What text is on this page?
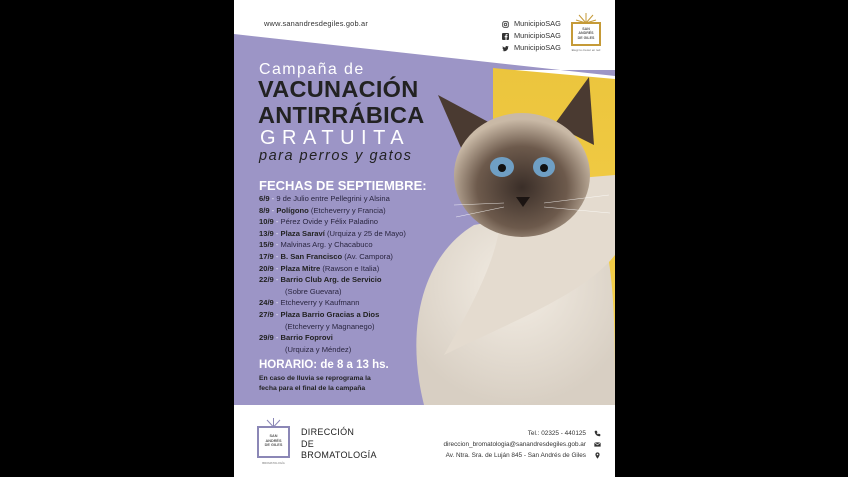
www.sanandresdegiles.gob.ar	MunicipioSAG
MunicipioSAG
MunicipioSAG
SAN
ANDRÉS
DE GILES
Elegí tu crecer en red
Campaña de
VACUNACIÓN
ANTIRRÁBICA
GRATUITA
para perros y gatos
FECHAS DE SEPTIEMBRE:
6/9 - 9 de Julio entre Pellegrini y Alsina
8/9 - Polígono (Etcheverry y Francia)
10/9 - Pérez Ovide y Félix Paladino
13/9 - Plaza Saraví (Urquiza y 25 de Mayo)
15/9 - Malvinas Arg. y Chacabuco
17/9 - B. San Francisco (Av. Campora)
20/9 - Plaza Mitre (Rawson e Italia)
22/9 - Barrio Club Arg. de Servicio
(Sobre Guevara)
24/9 - Etcheverry y Kaufmann
27/9 - Plaza Barrio Gracias a Dios
(Etcheverry y Magnanego)
29/9 - Barrio Foprovi
(Urquiza y Méndez)
HORARIO: de 8 a 13 hs.
En caso de lluvia se reprograma la fecha para el final de la campaña
SAN
ANDRÉS
DE GILES
BROMATOLOGÍA
DIRECCIÓN
DE
BROMATOLOGÍA
Tel.: 02325 - 440125
direccion_bromatologia@sanandresdegiles.gob.ar
Av. Ntra. Sra. de Luján 845 - San Andrés de Giles
